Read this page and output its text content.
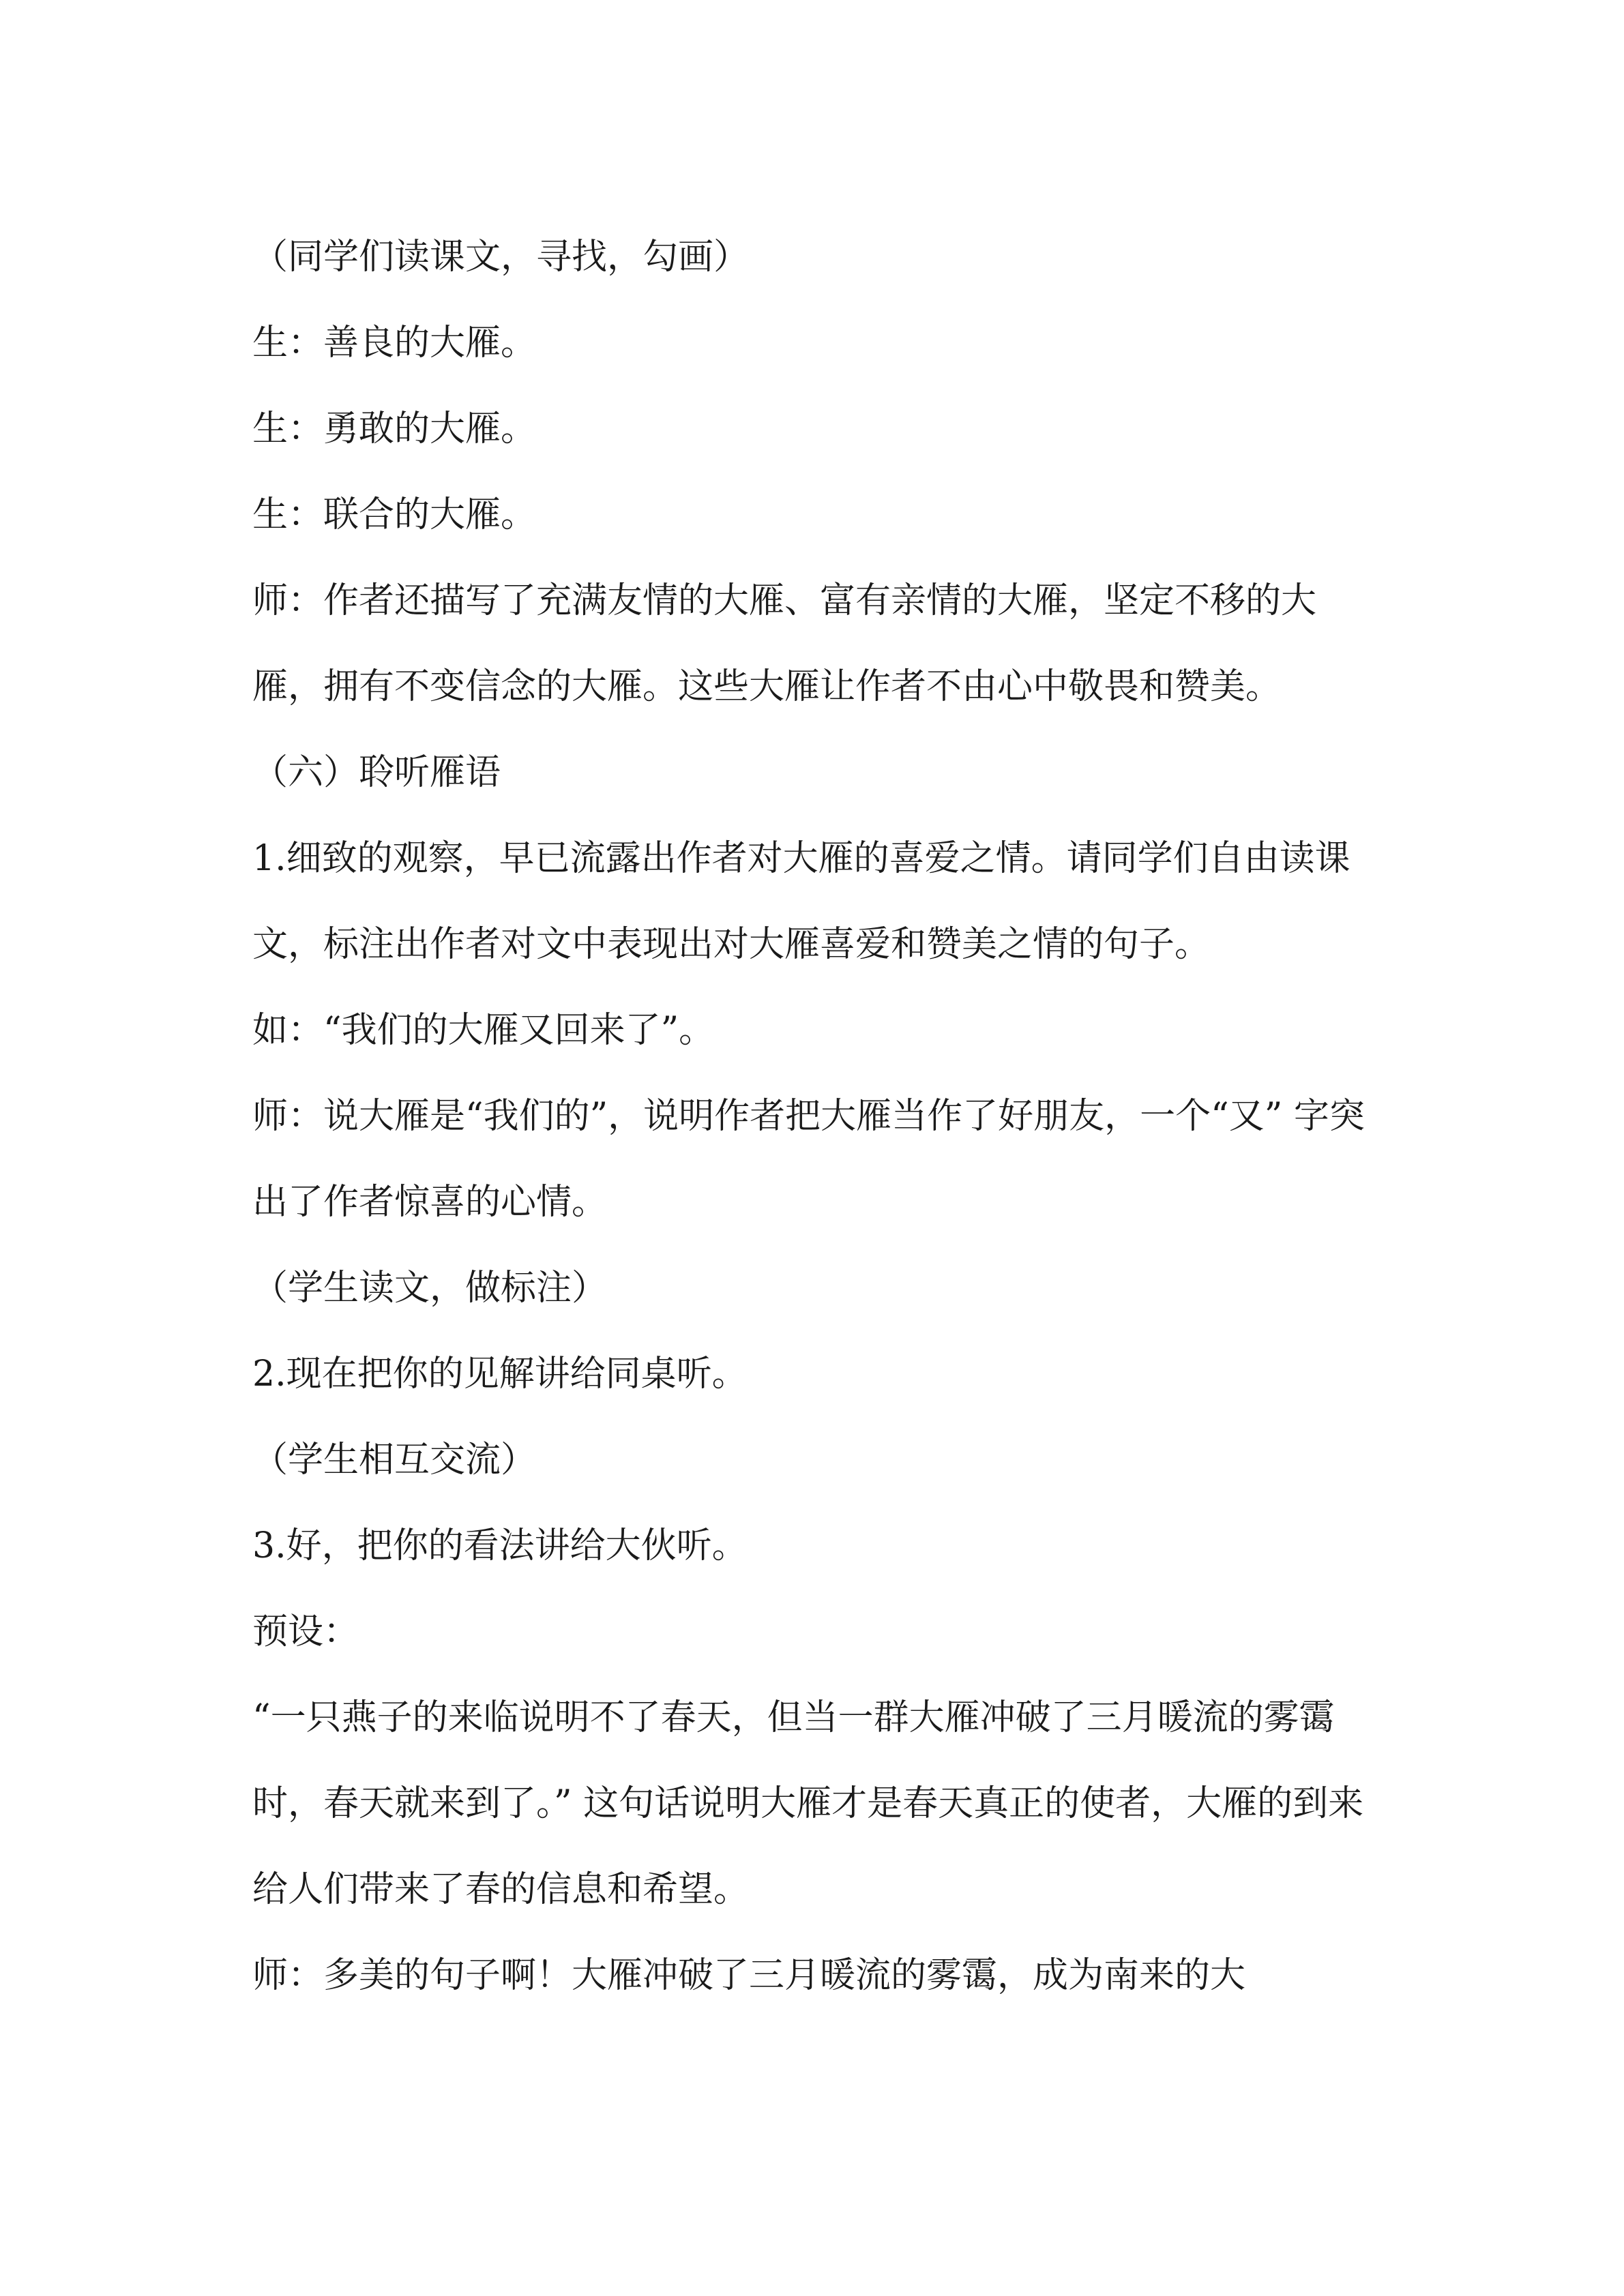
（同学们读课文，寻找，勾画）

生：善良的大雁。

生：勇敢的大雁。

生：联合的大雁。

师：作者还描写了充满友情的大雁、富有亲情的大雁，坚定不移的大雁，拥有不变信念的大雁。这些大雁让作者不由心中敬畏和赞美。

（六）聆听雁语

1.细致的观察，早已流露出作者对大雁的喜爱之情。请同学们自由读课文，标注出作者对文中表现出对大雁喜爱和赞美之情的句子。

如：“我们的大雁又回来了”。

师：说大雁是“我们的”，说明作者把大雁当作了好朋友，一个“又” 字突出了作者惊喜的心情。

（学生读文，做标注）

2.现在把你的见解讲给同桌听。

（学生相互交流）

3.好，把你的看法讲给大伙听。

预设：

“一只燕子的来临说明不了春天，但当一群大雁冲破了三月暖流的雾霭时，春天就来到了。” 这句话说明大雁才是春天真正的使者，大雁的到来给人们带来了春的信息和希望。

师：多美的句子啊！大雁冲破了三月暖流的雾霭，成为南来的大
